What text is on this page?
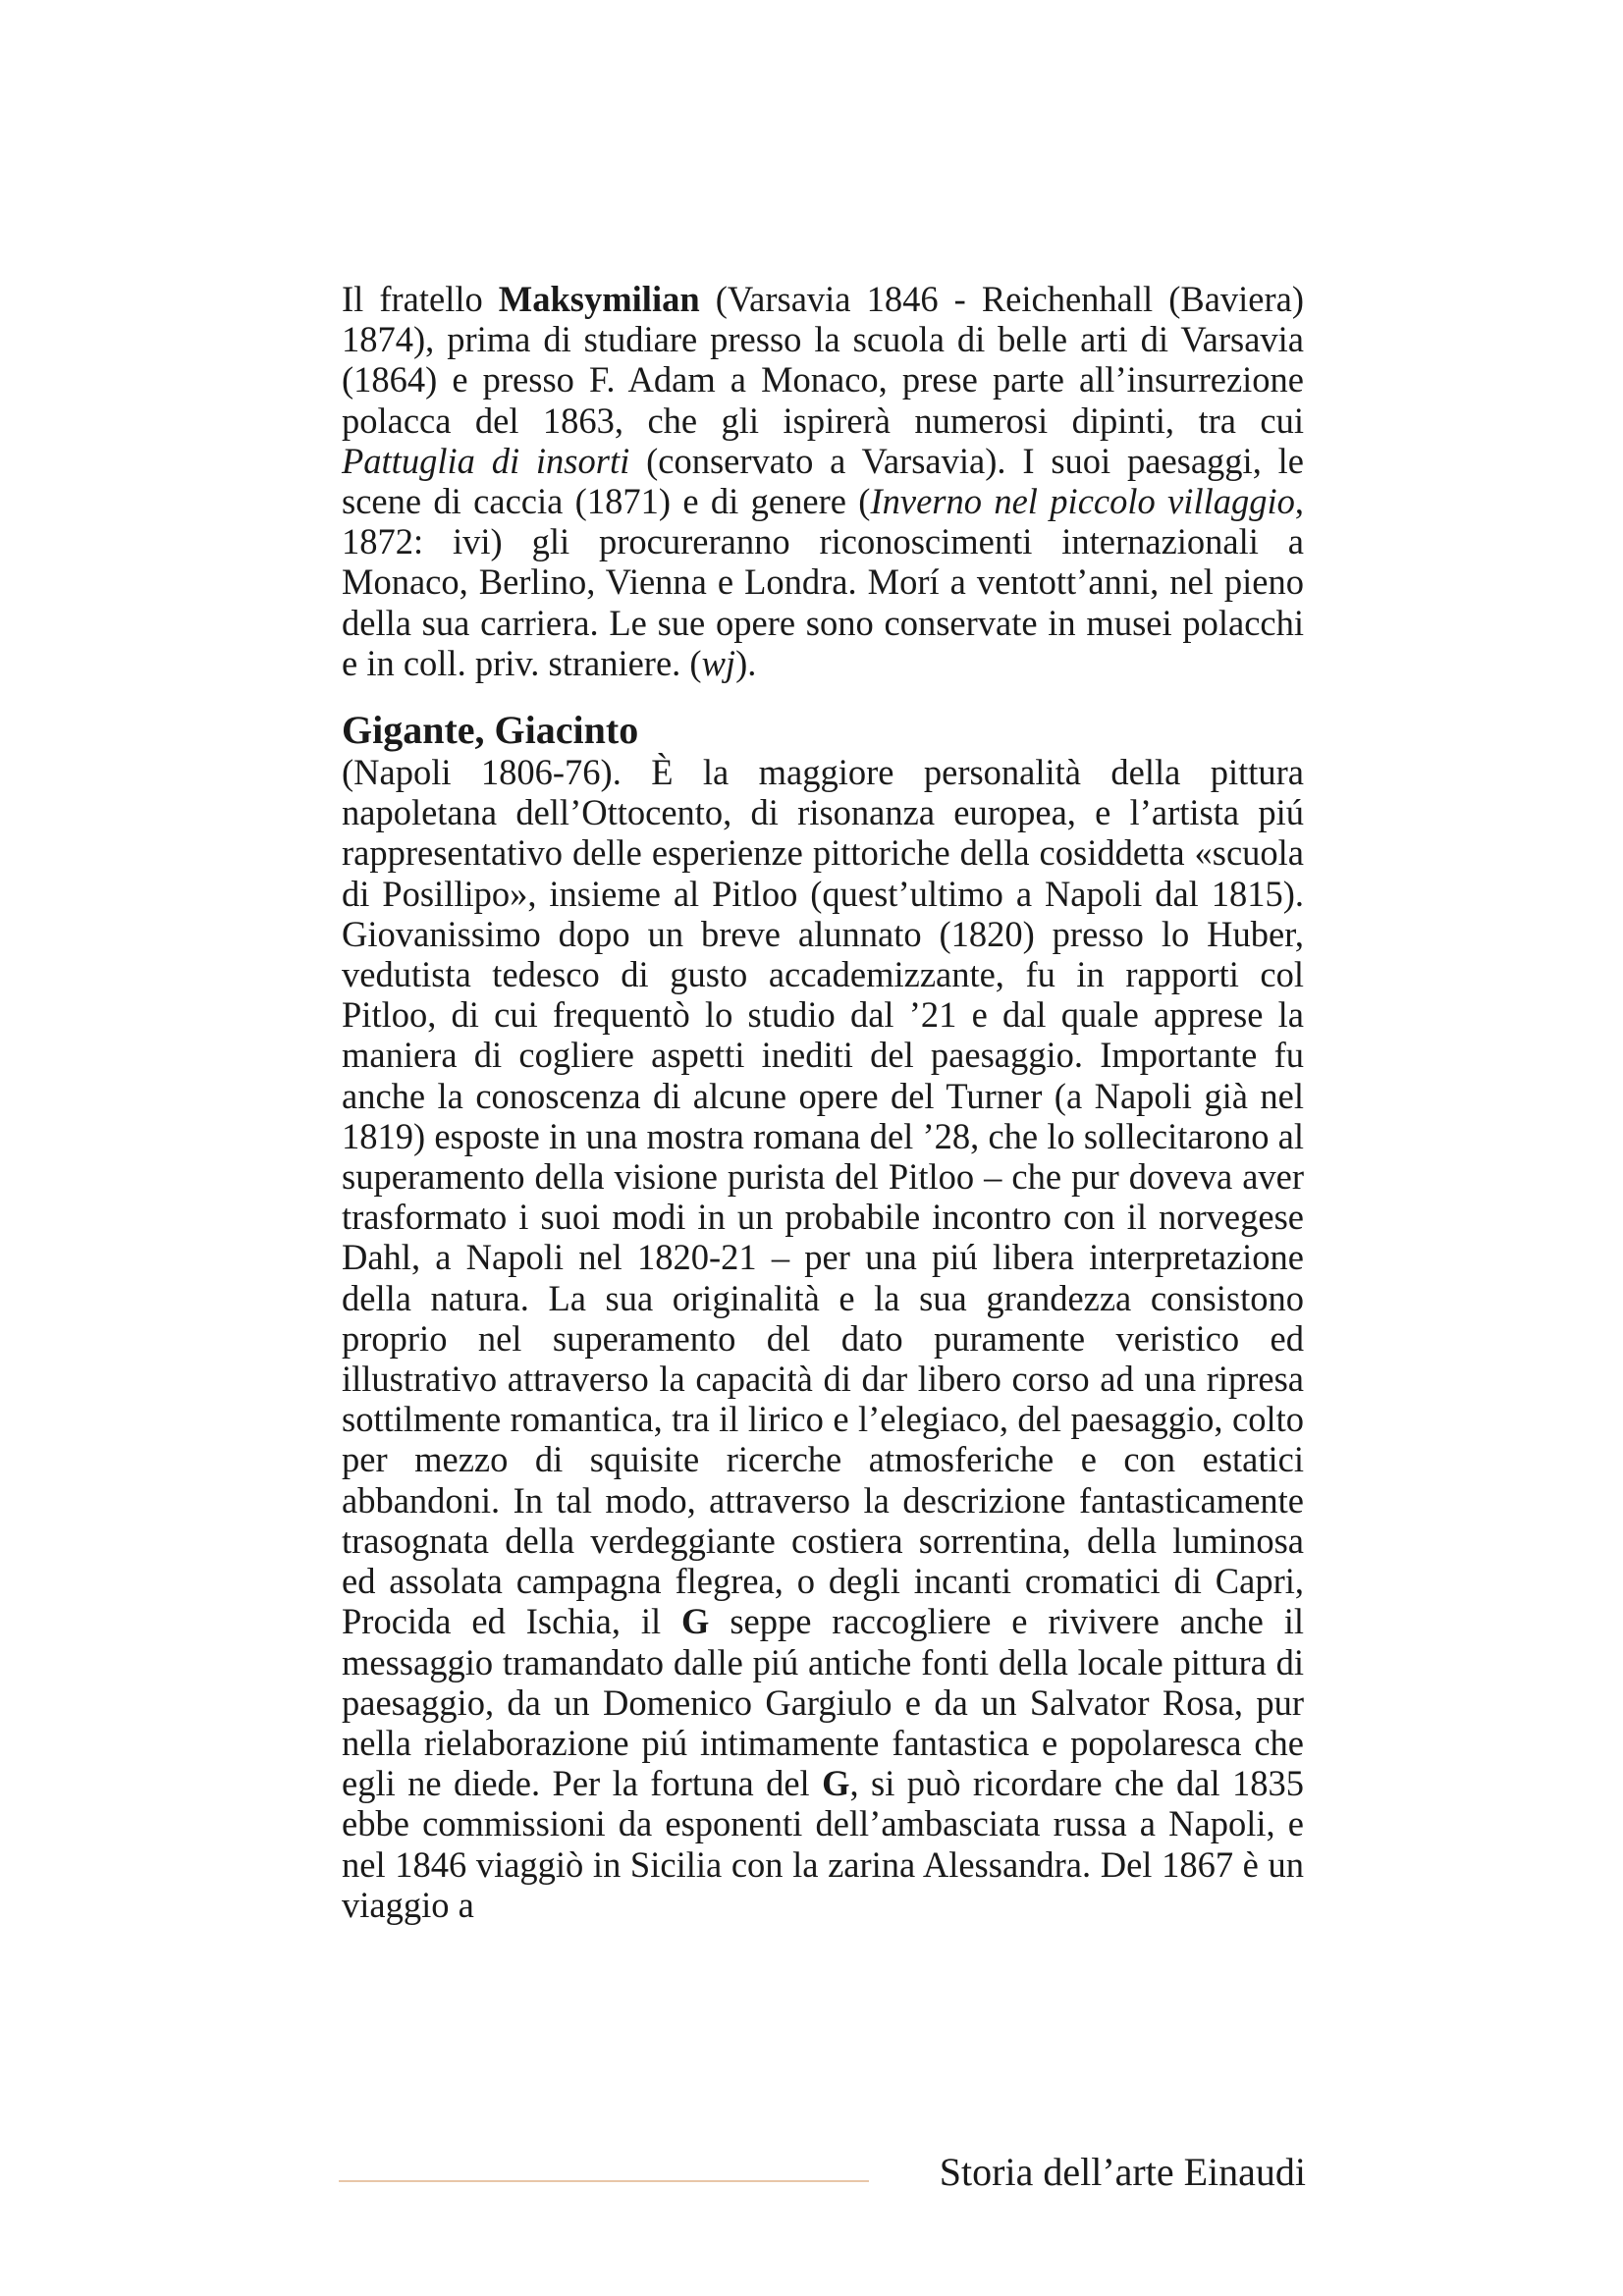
Il fratello Maksymilian (Varsavia 1846 - Reichenhall (Baviera) 1874), prima di studiare presso la scuola di belle arti di Varsavia (1864) e presso F. Adam a Monaco, prese parte all’insurrezione polacca del 1863, che gli ispirerà numerosi dipinti, tra cui Pattuglia di insorti (conservato a Varsavia). I suoi paesaggi, le scene di caccia (1871) e di genere (Inverno nel piccolo villaggio, 1872: ivi) gli procureranno riconoscimenti internazionali a Monaco, Berlino, Vienna e Londra. Morí a ventott’anni, nel pieno della sua carriera. Le sue opere sono conservate in musei polacchi e in coll. priv. straniere. (wj).

Gigante, Giacinto

(Napoli 1806-76). È la maggiore personalità della pittura napoletana dell’Ottocento, di risonanza europea, e l’artista piú rappresentativo delle esperienze pittoriche della cosiddetta «scuola di Posillipo», insieme al Pitloo (quest’ultimo a Napoli dal 1815). Giovanissimo dopo un breve alunnato (1820) presso lo Huber, vedutista tedesco di gusto accademizzante, fu in rapporti col Pitloo, di cui frequentò lo studio dal ’21 e dal quale apprese la maniera di cogliere aspetti inediti del paesaggio. Importante fu anche la conoscenza di alcune opere del Turner (a Napoli già nel 1819) esposte in una mostra romana del ’28, che lo sollecitarono al superamento della visione purista del Pitloo – che pur doveva aver trasformato i suoi modi in un probabile incontro con il norvegese Dahl, a Napoli nel 1820-21 – per una piú libera interpretazione della natura. La sua originalità e la sua grandezza consistono proprio nel superamento del dato puramente veristico ed illustrativo attraverso la capacità di dar libero corso ad una ripresa sottilmente romantica, tra il lirico e l’elegiaco, del paesaggio, colto per mezzo di squisite ricerche atmosferiche e con estatici abbandoni. In tal modo, attraverso la descrizione fantasticamente trasognata della verdeggiante costiera sorrentina, della luminosa ed assolata campagna flegrea, o degli incanti cromatici di Capri, Procida ed Ischia, il G seppe raccogliere e rivivere anche il messaggio tramandato dalle piú antiche fonti della locale pittura di paesaggio, da un Domenico Gargiulo e da un Salvator Rosa, pur nella rielaborazione piú intimamente fantastica e popolaresca che egli ne diede. Per la fortuna del G, si può ricordare che dal 1835 ebbe commissioni da esponenti dell’ambasciata russa a Napoli, e nel 1846 viaggiò in Sicilia con la zarina Alessandra. Del 1867 è un viaggio a

Storia dell’arte Einaudi
